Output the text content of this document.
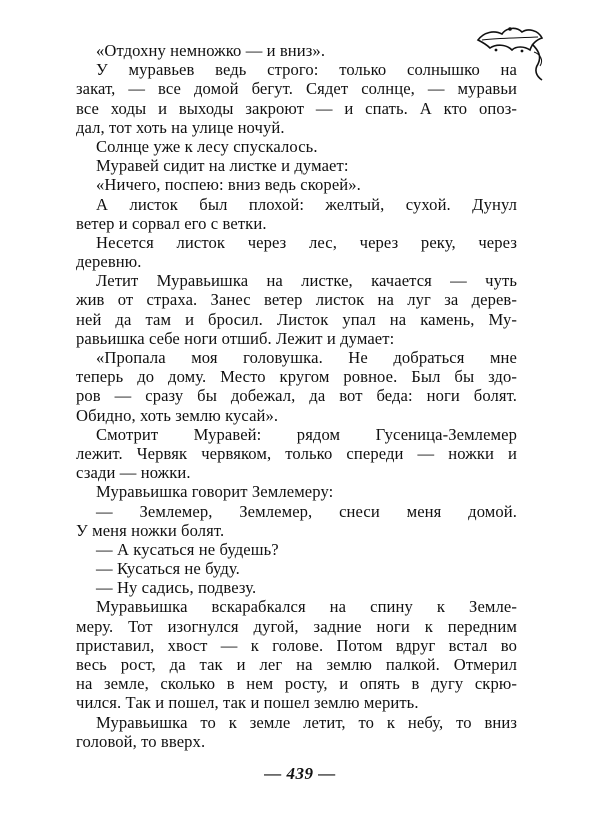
«Отдохну немножко — и вниз».
У муравьев ведь строго: только солнышко на
закат, — все домой бегут. Сядет солнце, — муравьи
все ходы и выходы закроют — и спать. А кто опоз-
дал, тот хоть на улице ночуй.
Солнце уже к лесу спускалось.
Муравей сидит на листке и думает:
«Ничего, поспею: вниз ведь скорей».
А листок был плохой: желтый, сухой. Дунул
ветер и сорвал его с ветки.
Несется листок через лес, через реку, через
деревню.
Летит Муравьишка на листке, качается — чуть
жив от страха. Занес ветер листок на луг за дерев-
ней да там и бросил. Листок упал на камень, Му-
равьишка себе ноги отшиб. Лежит и думает:
«Пропала моя головушка. Не добраться мне
теперь до дому. Место кругом ровное. Был бы здо-
ров — сразу бы добежал, да вот беда: ноги болят.
Обидно, хоть землю кусай».
Смотрит Муравей: рядом Гусеница-Землемер
лежит. Червяк червяком, только спереди — ножки и
сзади — ножки.
Муравьишка говорит Землемеру:
— Землемер, Землемер, снеси меня домой.
У меня ножки болят.
— А кусаться не будешь?
— Кусаться не буду.
— Ну садись, подвезу.
Муравьишка вскарабкался на спину к Земле-
меру. Тот изогнулся дугой, задние ноги к передним
приставил, хвост — к голове. Потом вдруг встал во
весь рост, да так и лег на землю палкой. Отмерил
на земле, сколько в нем росту, и опять в дугу скрю-
чился. Так и пошел, так и пошел землю мерить.
Муравьишка то к земле летит, то к небу, то вниз
головой, то вверх.
— 439 —
